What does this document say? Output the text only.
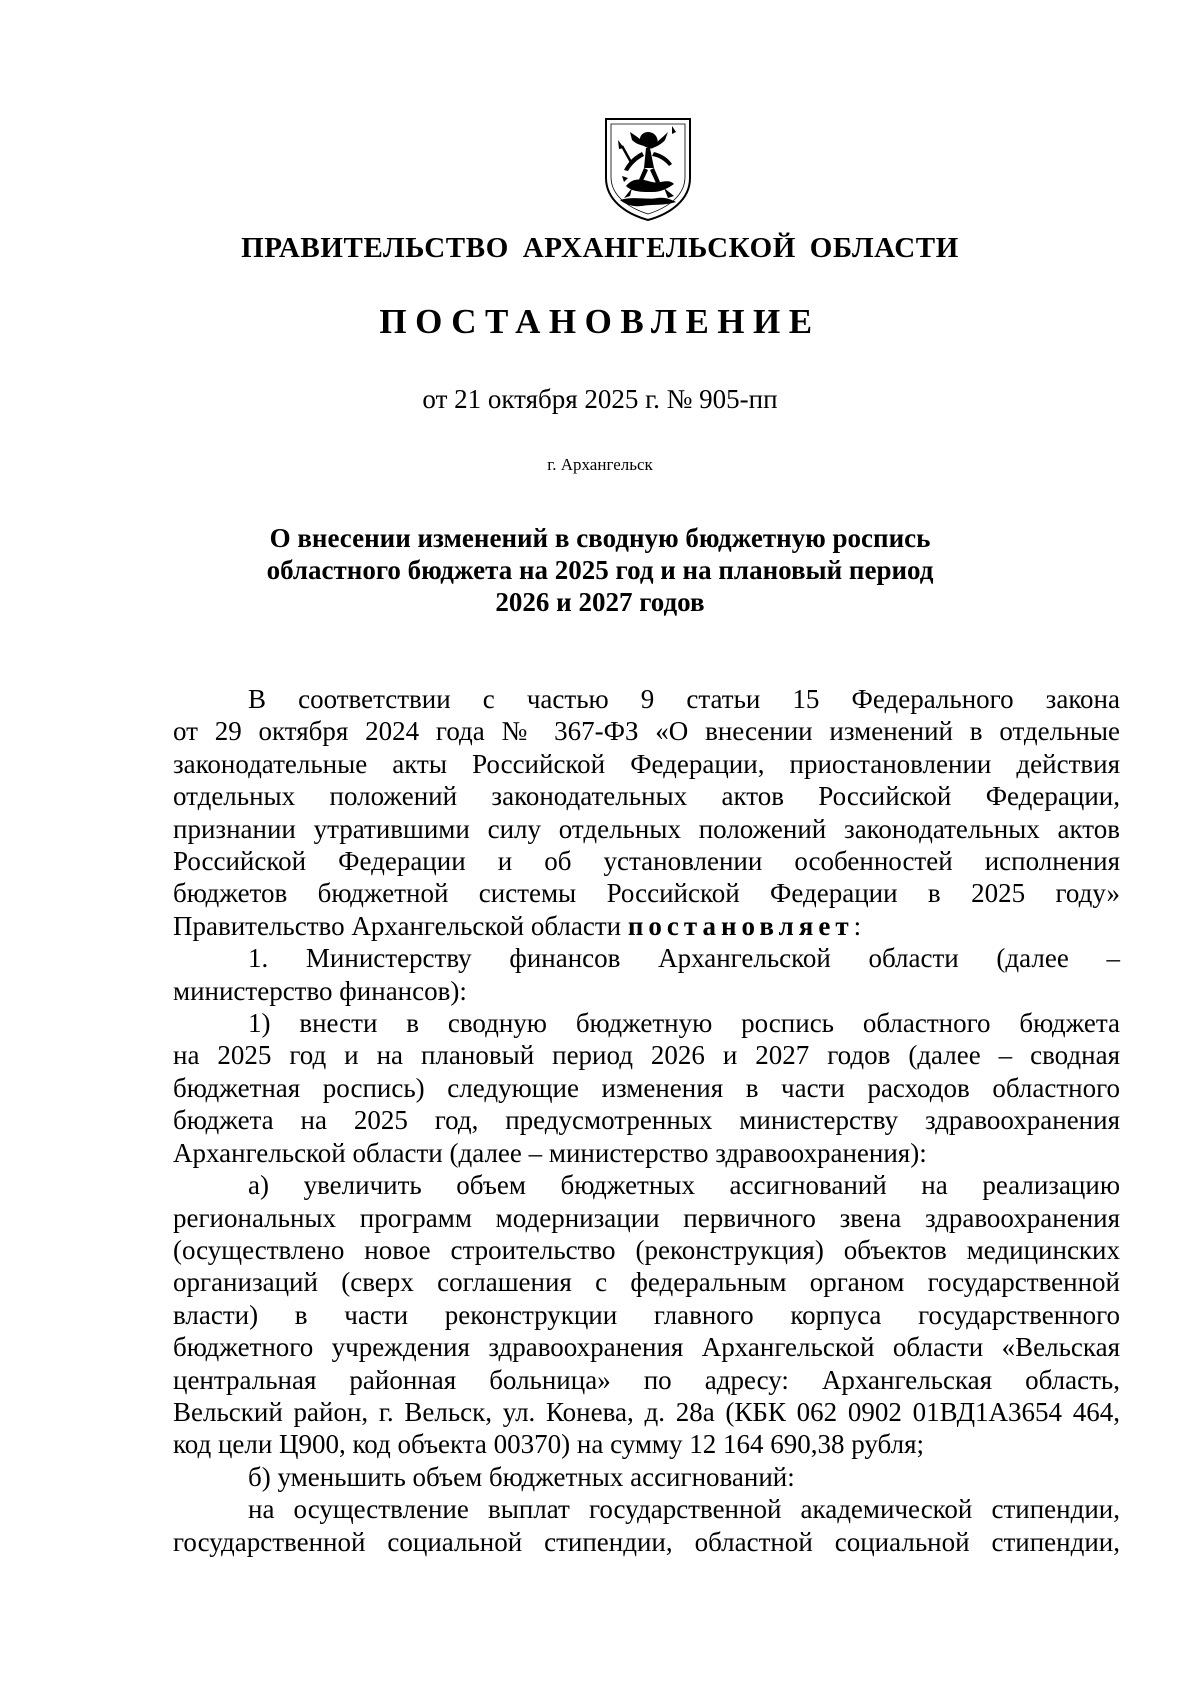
ПРАВИТЕЛЬСТВО АРХАНГЕЛЬСКОЙ ОБЛАСТИ
ПОСТАНОВЛЕНИЕ
от 21 октября 2025 г. № 905-пп
г. Архангельск
О внесении изменений в сводную бюджетную роспись
областного бюджета на 2025 год и на плановый период
2026 и 2027 годов
В соответствии с частью 9 статьи 15 Федерального закона
от 29 октября 2024 года № 367-ФЗ «О внесении изменений в отдельные
законодательные акты Российской Федерации, приостановлении действия
отдельных положений законодательных актов Российской Федерации,
признании утратившими силу отдельных положений законодательных актов
Российской Федерации и об установлении особенностей исполнения
бюджетов бюджетной системы Российской Федерации в 2025 году»
Правительство Архангельской области постановляет:
1. Министерству финансов Архангельской области (далее –
министерство финансов):
1) внести в сводную бюджетную роспись областного бюджета
на 2025 год и на плановый период 2026 и 2027 годов (далее – сводная
бюджетная роспись) следующие изменения в части расходов областного
бюджета на 2025 год, предусмотренных министерству здравоохранения
Архангельской области (далее – министерство здравоохранения):
а) увеличить объем бюджетных ассигнований на реализацию
региональных программ модернизации первичного звена здравоохранения
(осуществлено новое строительство (реконструкция) объектов медицинских
организаций (сверх соглашения с федеральным органом государственной
власти) в части реконструкции главного корпуса государственного
бюджетного учреждения здравоохранения Архангельской области «Вельская
центральная районная больница» по адресу: Архангельская область,
Вельский район, г. Вельск, ул. Конева, д. 28а (КБК 062 0902 01ВД1А3654 464,
код цели Ц900, код объекта 00370) на сумму 12 164 690,38 рубля;
б) уменьшить объем бюджетных ассигнований:
на осуществление выплат государственной академической стипендии,
государственной социальной стипендии, областной социальной стипендии,
